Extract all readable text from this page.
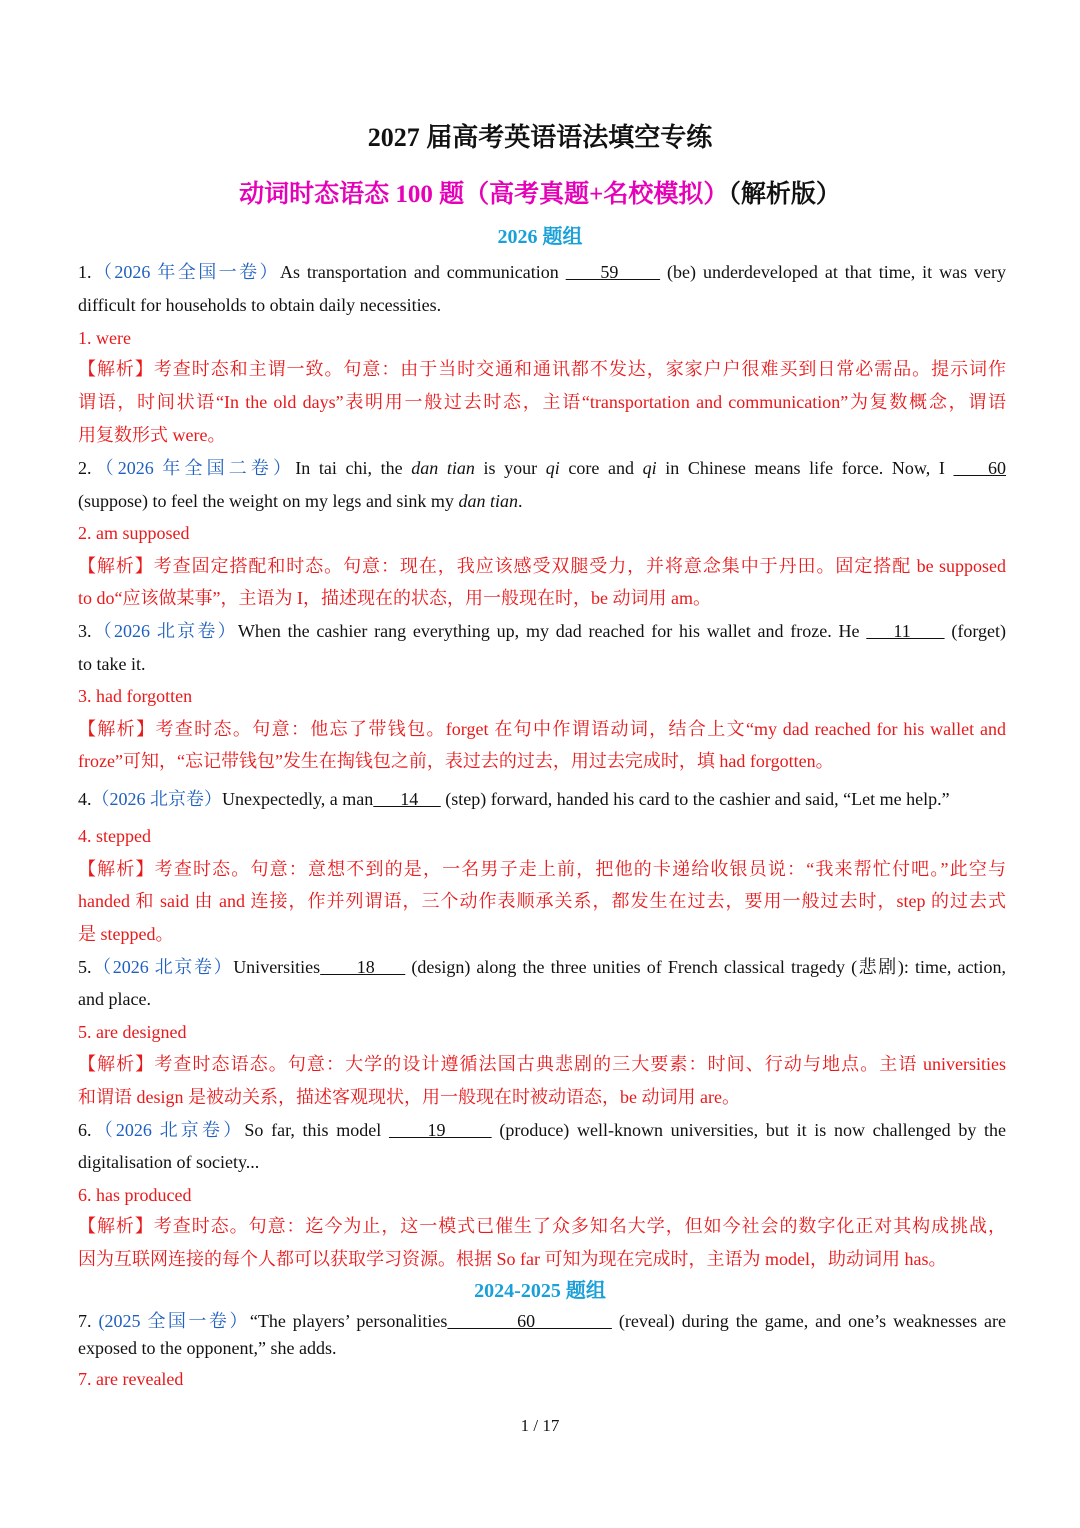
2027 届高考英语语法填空专练
动词时态语态 100 题（高考真题+名校模拟）（解析版）
2026 题组
1.（2026 年全国一卷）As transportation and communication      59       (be) underdeveloped at that time, it was very
difficult for households to obtain daily necessities.
1. were
【解析】考查时态和主谓一致。句意：由于当时交通和通讯都不发达，家家户户很难买到日常必需品。提示词作
谓语，时间状语“In the old days”表明用一般过去时态，主语“transportation and communication”为复数概念，谓语
用复数形式 were。
2.（2026 年全国二卷）In tai chi, the dan tian is your qi core and qi in Chinese means life force. Now, I     60
(suppose) to feel the weight on my legs and sink my dan tian.
2. am supposed
【解析】考查固定搭配和时态。句意：现在，我应该感受双腿受力，并将意念集中于丹田。固定搭配 be supposed
to do“应该做某事”，主语为 I，描述现在的状态，用一般现在时，be 动词用 am。
3.（2026 北京卷）When the cashier rang everything up, my dad reached for his wallet and froze. He     11      (forget)
to take it.
3. had forgotten
【解析】考查时态。句意：他忘了带钱包。forget 在句中作谓语动词，结合上文“my dad reached for his wallet and
froze”可知，“忘记带钱包”发生在掏钱包之前，表过去的过去，用过去完成时，填 had forgotten。
4.（2026 北京卷）Unexpectedly, a man      14      (step) forward, handed his card to the cashier and said, “Let me help.”
4. stepped
【解析】考查时态。句意：意想不到的是，一名男子走上前，把他的卡递给收银员说：“我来帮忙付吧。”此空与
handed 和 said 由 and 连接，作并列谓语，三个动作表顺承关系，都发生在过去，要用一般过去时，step 的过去式
是 stepped。
5.（2026 北京卷）Universities      18      (design) along the three unities of French classical tragedy (悲剧): time, action,
and place.
5. are designed
【解析】考查时态语态。句意：大学的设计遵循法国古典悲剧的三大要素：时间、行动与地点。主语 universities
和谓语 design 是被动关系，描述客观现状，用一般现在时被动语态，be 动词用 are。
6.（2026 北京卷）So far, this model      19       (produce) well-known universities, but it is now challenged by the
digitalisation of society...
6. has produced
【解析】考查时态。句意：迄今为止，这一模式已催生了众多知名大学，但如今社会的数字化正对其构成挑战，
因为互联网连接的每个人都可以获取学习资源。根据 So far 可知为现在完成时，主语为 model，助动词用 has。
2024-2025 题组
7. (2025 全国一卷）“The players’ personalities          60            (reveal) during the game, and one’s weaknesses are
exposed to the opponent,” she adds.
7. are revealed
1 / 17
